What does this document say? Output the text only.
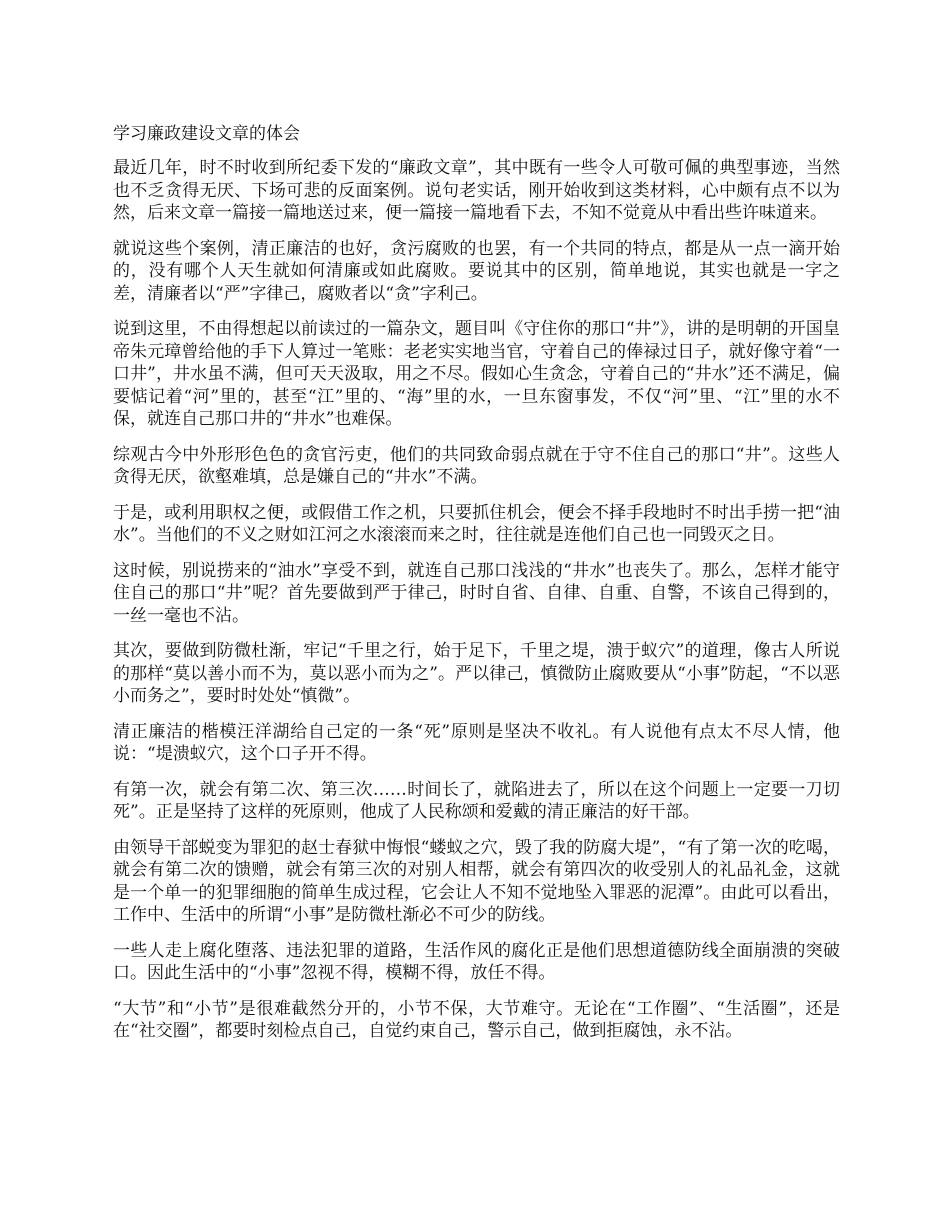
学习廉政建设文章的体会

最近几年，时不时收到所纪委下发的“廉政文章”，其中既有一些令人可敬可佩的典型事迹，当然也不乏贪得无厌、下场可悲的反面案例。说句老实话，刚开始收到这类材料，心中颇有点不以为然，后来文章一篇接一篇地送过来，便一篇接一篇地看下去，不知不觉竟从中看出些许味道来。

就说这些个案例，清正廉洁的也好，贪污腐败的也罢，有一个共同的特点，都是从一点一滴开始的，没有哪个人天生就如何清廉或如此腐败。要说其中的区别，简单地说，其实也就是一字之差，清廉者以“严”字律己，腐败者以“贪”字利己。

说到这里，不由得想起以前读过的一篇杂文，题目叫《守住你的那口“井”》，讲的是明朝的开国皇帝朱元璋曾给他的手下人算过一笔账：老老实实地当官，守着自己的俸禄过日子，就好像守着“一口井”，井水虽不满，但可天天汲取，用之不尽。假如心生贪念，守着自己的“井水”还不满足，偏要惦记着“河”里的，甚至“江”里的、“海”里的水，一旦东窗事发，不仅“河”里、“江”里的水不保，就连自己那口井的“井水”也难保。

综观古今中外形形色色的贪官污吏，他们的共同致命弱点就在于守不住自己的那口“井”。这些人贪得无厌，欲壑难填，总是嫌自己的“井水”不满。

于是，或利用职权之便，或假借工作之机，只要抓住机会，便会不择手段地时不时出手捞一把“油水”。当他们的不义之财如江河之水滚滚而来之时，往往就是连他们自己也一同毁灭之日。

这时候，别说捞来的“油水”享受不到，就连自己那口浅浅的“井水”也丧失了。那么，怎样才能守住自己的那口“井”呢？首先要做到严于律己，时时自省、自律、自重、自警，不该自己得到的，一丝一毫也不沾。

其次，要做到防微杜渐，牢记“千里之行，始于足下，千里之堤，溃于蚁穴”的道理，像古人所说的那样“莫以善小而不为，莫以恶小而为之”。严以律己，慎微防止腐败要从“小事”防起，“不以恶小而务之”，要时时处处“慎微”。

清正廉洁的楷模汪洋湖给自己定的一条“死”原则是坚决不收礼。有人说他有点太不尽人情，他说：“堤溃蚁穴，这个口子开不得。

有第一次，就会有第二次、第三次……时间长了，就陷进去了，所以在这个问题上一定要一刀切死”。正是坚持了这样的死原则，他成了人民称颂和爱戴的清正廉洁的好干部。

由领导干部蜕变为罪犯的赵士春狱中悔恨“蝼蚁之穴，毁了我的防腐大堤”，“有了第一次的吃喝，就会有第二次的馈赠，就会有第三次的对别人相帮，就会有第四次的收受别人的礼品礼金，这就是一个单一的犯罪细胞的简单生成过程，它会让人不知不觉地坠入罪恶的泥潭”。由此可以看出，工作中、生活中的所谓“小事”是防微杜渐必不可少的防线。

一些人走上腐化堕落、违法犯罪的道路，生活作风的腐化正是他们思想道德防线全面崩溃的突破口。因此生活中的“小事”忽视不得，模糊不得，放任不得。

“大节”和“小节”是很难截然分开的，小节不保，大节难守。无论在“工作圈”、“生活圈”，还是在“社交圈”，都要时刻检点自己，自觉约束自己，警示自己，做到拒腐蚀，永不沾。
